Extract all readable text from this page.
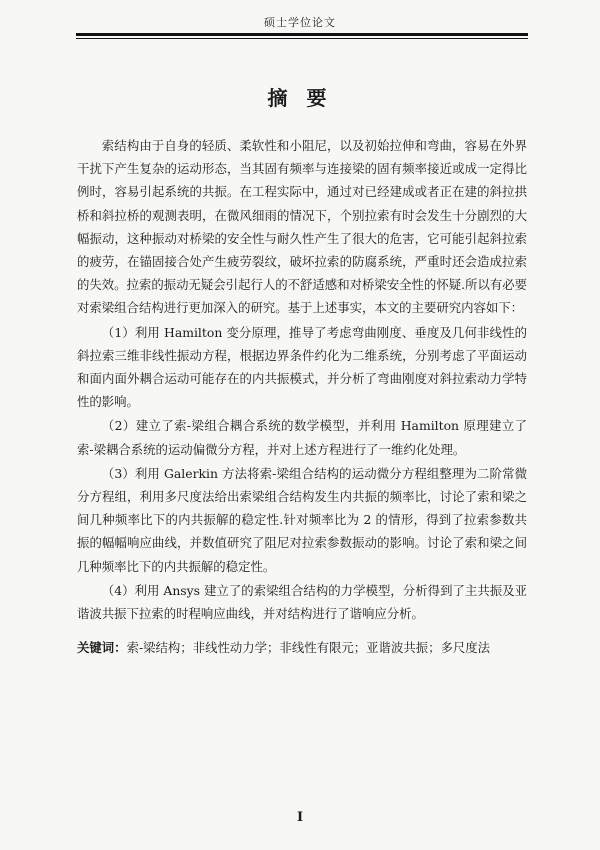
硕士学位论文
摘 要

索结构由于自身的轻质、柔软性和小阻尼，以及初始拉伸和弯曲，容易在外界干扰下产生复杂的运动形态，当其固有频率与连接梁的固有频率接近或成一定得比例时，容易引起系统的共振。在工程实际中，通过对已经建成或者正在建的斜拉拱桥和斜拉桥的观测表明，在微风细雨的情况下，个别拉索有时会发生十分剧烈的大幅振动，这种振动对桥梁的安全性与耐久性产生了很大的危害，它可能引起斜拉索的疲劳，在锚固接合处产生疲劳裂纹，破坏拉索的防腐系统，严重时还会造成拉索的失效。拉索的振动无疑会引起行人的不舒适感和对桥梁安全性的怀疑.所以有必要对索梁组合结构进行更加深入的研究。基于上述事实，本文的主要研究内容如下：

（1）利用 Hamilton 变分原理，推导了考虑弯曲刚度、垂度及几何非线性的斜拉索三维非线性振动方程，根据边界条件约化为二维系统，分别考虑了平面运动和面内面外耦合运动可能存在的内共振模式，并分析了弯曲刚度对斜拉索动力学特性的影响。

（2）建立了索-梁组合耦合系统的数学模型，并利用 Hamilton 原理建立了索-梁耦合系统的运动偏微分方程，并对上述方程进行了一维约化处理。

（3）利用 Galerkin 方法将索-梁组合结构的运动微分方程组整理为二阶常微分方程组，利用多尺度法给出索梁组合结构发生内共振的频率比，讨论了索和梁之间几种频率比下的内共振解的稳定性.针对频率比为 2 的情形，得到了拉索参数共振的幅幅响应曲线，并数值研究了阻尼对拉索参数振动的影响。讨论了索和梁之间几种频率比下的内共振解的稳定性。

（4）利用 Ansys 建立了的索梁组合结构的力学模型，分析得到了主共振及亚谐波共振下拉索的时程响应曲线，并对结构进行了谐响应分析。

关键词：索-梁结构；非线性动力学；非线性有限元；亚谐波共振；多尺度法
I
